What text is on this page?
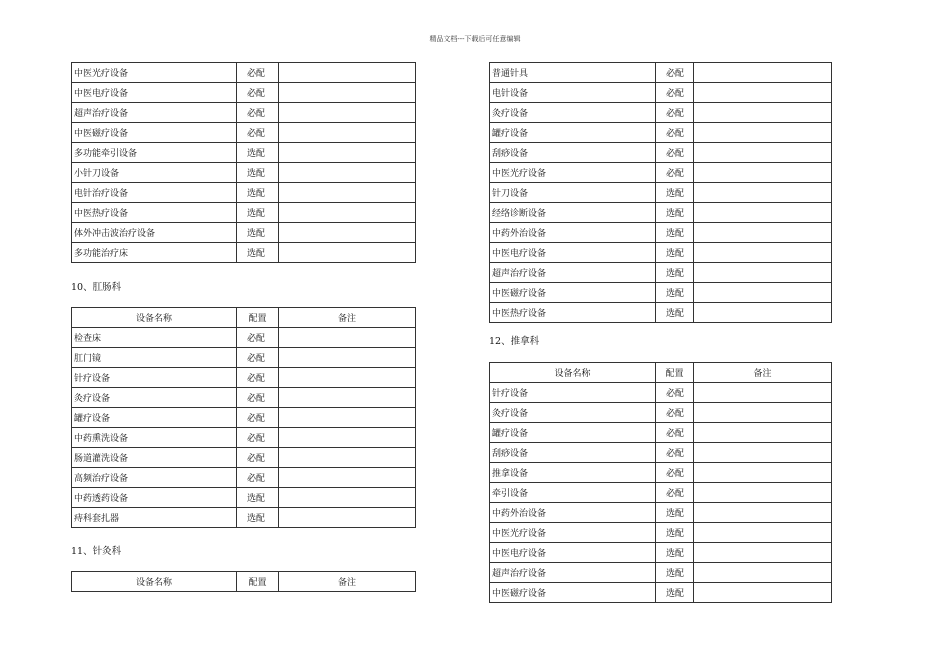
精品文档---下载后可任意编辑
中医光疗设备	必配	
中医电疗设备	必配	
超声治疗设备	必配	
中医磁疗设备	必配	
多功能牵引设备	选配	
小针刀设备	选配	
电针治疗设备	选配	
中医热疗设备	选配	
体外冲击波治疗设备	选配	
多功能治疗床	选配	
10、肛肠科
设备名称	配置	备注
检查床	必配	
肛门镜	必配	
针疗设备	必配	
灸疗设备	必配	
罐疗设备	必配	
中药熏洗设备	必配	
肠道灌洗设备	必配	
高频治疗设备	必配	
中药透药设备	选配	
痔科套扎器	选配	
11、针灸科
设备名称	配置	备注
普通针具	必配	
电针设备	必配	
灸疗设备	必配	
罐疗设备	必配	
刮痧设备	必配	
中医光疗设备	必配	
针刀设备	选配	
经络诊断设备	选配	
中药外治设备	选配	
中医电疗设备	选配	
超声治疗设备	选配	
中医磁疗设备	选配	
中医热疗设备	选配	
12、推拿科
设备名称	配置	备注
针疗设备	必配	
灸疗设备	必配	
罐疗设备	必配	
刮痧设备	必配	
推拿设备	必配	
牵引设备	必配	
中药外治设备	选配	
中医光疗设备	选配	
中医电疗设备	选配	
超声治疗设备	选配	
中医磁疗设备	选配	
